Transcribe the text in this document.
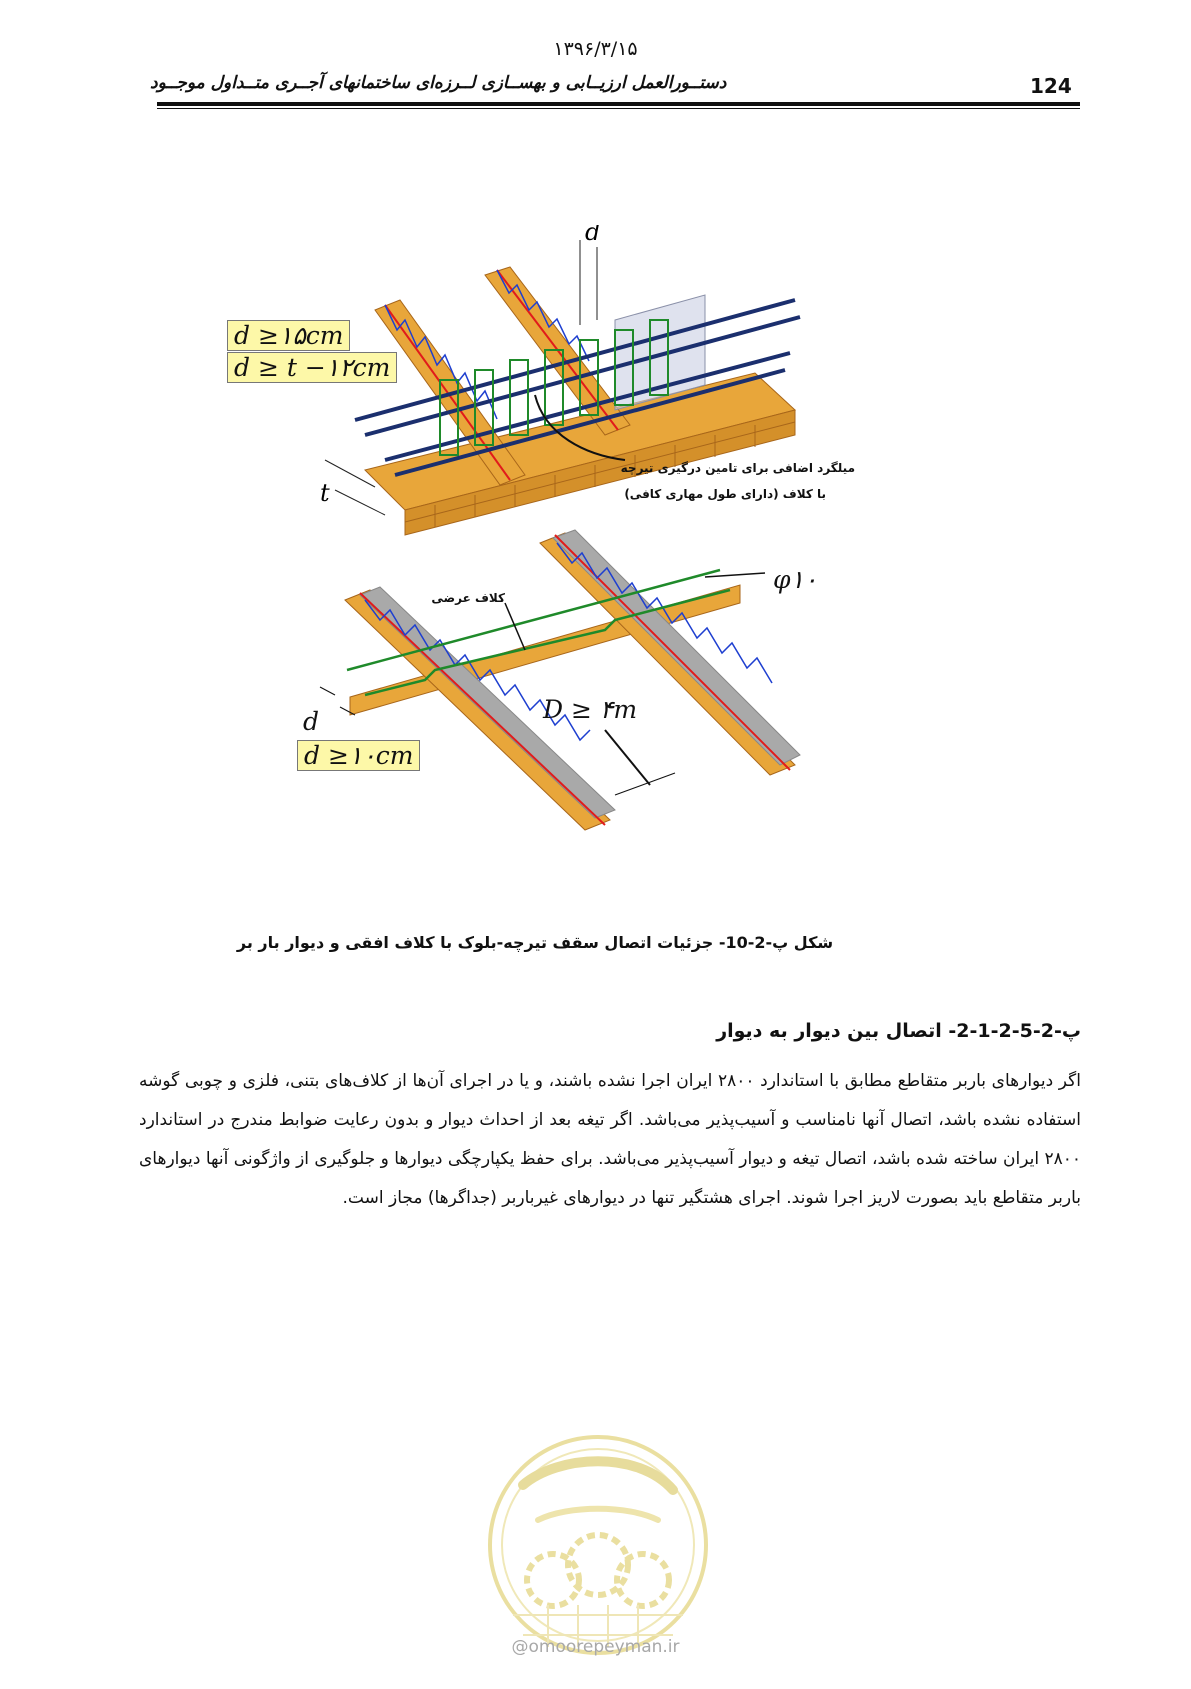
۱۳۹۶/۳/۱۵
124
دستــورالعمل ارزیــابی و بهســازی لــرزه‌ای ساختمانهای آجــری متــداول موجــود
d
t
d ≥۱۵cm
d ≥ t −۱۲cm
میلگرد اضافی برای تامین درگیری تیرچه
با کلاف (دارای طول مهاری کافی)
کلاف عرضی
φ۱۰
D ≥ ۴m
d
d ≥۱۰cm
شکل پ-2-10- جزئیات اتصال سقف تیرچه-بلوک با کلاف افقی و دیوار بار بر
پ-2-5-2-1-2- اتصال بین دیوار به دیوار
اگر دیوارهای باربر متقاطع مطابق با استاندارد ۲۸۰۰ ایران اجرا نشده باشند، و یا در اجرای آن‌ها از کلاف‌های بتنی، فلزی و چوبی گوشه استفاده نشده باشد، اتصال آنها نامناسب و آسیب‌پذیر می‌باشد. اگر تیغه بعد از احداث دیوار و بدون رعایت ضوابط مندرج در استاندارد ۲۸۰۰ ایران ساخته شده باشد، اتصال تیغه و دیوار آسیب‌پذیر می‌باشد. برای حفظ یکپارچگی دیوارها و جلوگیری از واژگونی آنها دیوارهای باربر متقاطع باید بصورت لاریز اجرا شوند. اجرای هشتگیر تنها در دیوارهای غیرباربر (جداگرها) مجاز است.
@omoorepeyman.ir
